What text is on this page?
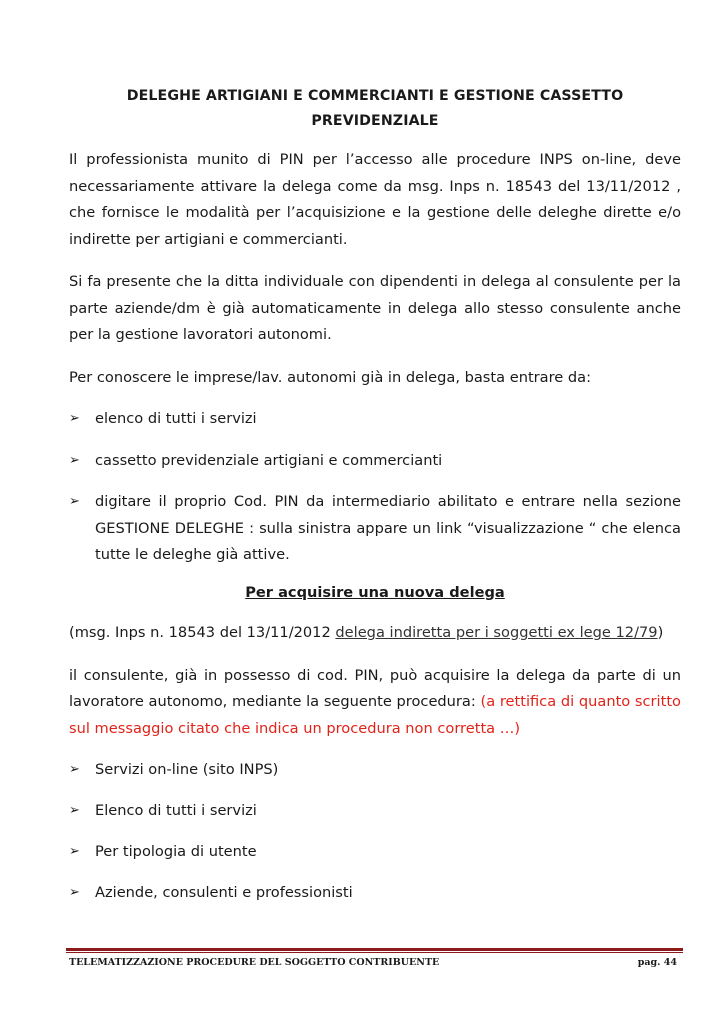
DELEGHE ARTIGIANI E COMMERCIANTI E GESTIONE CASSETTO
PREVIDENZIALE

Il professionista munito di PIN per l’accesso alle procedure INPS on-line, deve necessariamente attivare la delega come da msg. Inps n. 18543 del 13/11/2012 , che fornisce le modalità per l’acquisizione e la gestione delle deleghe dirette e/o indirette per artigiani e commercianti.

Si fa presente che la ditta individuale con dipendenti in delega al consulente per la parte aziende/dm è già automaticamente in delega allo stesso consulente anche per la gestione lavoratori autonomi.

Per conoscere le imprese/lav. autonomi già in delega, basta entrare da:

➢ elenco di tutti i servizi
➢ cassetto previdenziale artigiani e commercianti
➢ digitare il proprio Cod. PIN da intermediario abilitato e entrare nella sezione GESTIONE DELEGHE : sulla sinistra appare un link “visualizzazione “ che elenca tutte le deleghe già attive.
Per acquisire una nuova delega

(msg. Inps n. 18543 del 13/11/2012 delega indiretta per i soggetti ex lege 12/79)

il consulente, già in possesso di cod. PIN, può acquisire la delega da parte di un lavoratore autonomo, mediante la seguente procedura: (a rettifica di quanto scritto sul messaggio citato che indica un procedura non corretta …)

➢ Servizi on-line (sito INPS)
➢ Elenco di tutti i servizi
➢ Per tipologia di utente
➢ Aziende, consulenti e professionisti
TELEMATIZZAZIONE PROCEDURE DEL SOGGETTO CONTRIBUENTE	pag. 44
